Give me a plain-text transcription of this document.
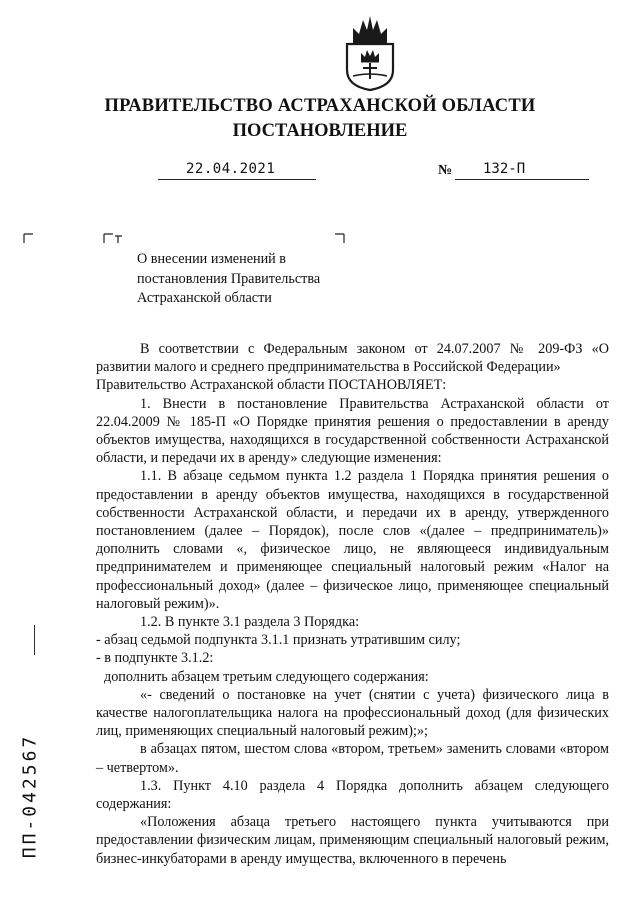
ПРАВИТЕЛЬСТВО АСТРАХАНСКОЙ ОБЛАСТИ
ПОСТАНОВЛЕНИЕ
22.04.2021	№ 132-П
О внесении изменений в
постановления Правительства
Астраханской области

В соответствии с Федеральным законом от 24.07.2007 № 209-ФЗ «О развитии малого и среднего предпринимательства в Российской Федерации»

Правительство Астраханской области ПОСТАНОВЛЯЕТ:

1. Внести в постановление Правительства Астраханской области от 22.04.2009 № 185-П «О Порядке принятия решения о предоставлении в аренду объектов имущества, находящихся в государственной собственности Астраханской области, и передачи их в аренду» следующие изменения:

1.1. В абзаце седьмом пункта 1.2 раздела 1 Порядка принятия решения о предоставлении в аренду объектов имущества, находящихся в государственной собственности Астраханской области, и передачи их в аренду, утвержденного постановлением (далее – Порядок), после слов «(далее – предприниматель)» дополнить словами «, физическое лицо, не являющееся индивидуальным предпринимателем и применяющее специальный налоговый режим «Налог на профессиональный доход» (далее – физическое лицо, применяющее специальный налоговый режим)».

1.2. В пункте 3.1 раздела 3 Порядка:

- абзац седьмой подпункта 3.1.1 признать утратившим силу;

- в подпункте 3.1.2:

дополнить абзацем третьим следующего содержания:

«- сведений о постановке на учет (снятии с учета) физического лица в качестве налогоплательщика налога на профессиональный доход (для физических лиц, применяющих специальный налоговый режим);»;

в абзацах пятом, шестом слова «втором, третьем» заменить словами «втором – четвертом».

1.3. Пункт 4.10 раздела 4 Порядка дополнить абзацем следующего содержания:

«Положения абзаца третьего настоящего пункта учитываются при предоставлении физическим лицам, применяющим специальный налоговый режим, бизнес-инкубаторами в аренду имущества, включенного в перечень

ПП-042567
